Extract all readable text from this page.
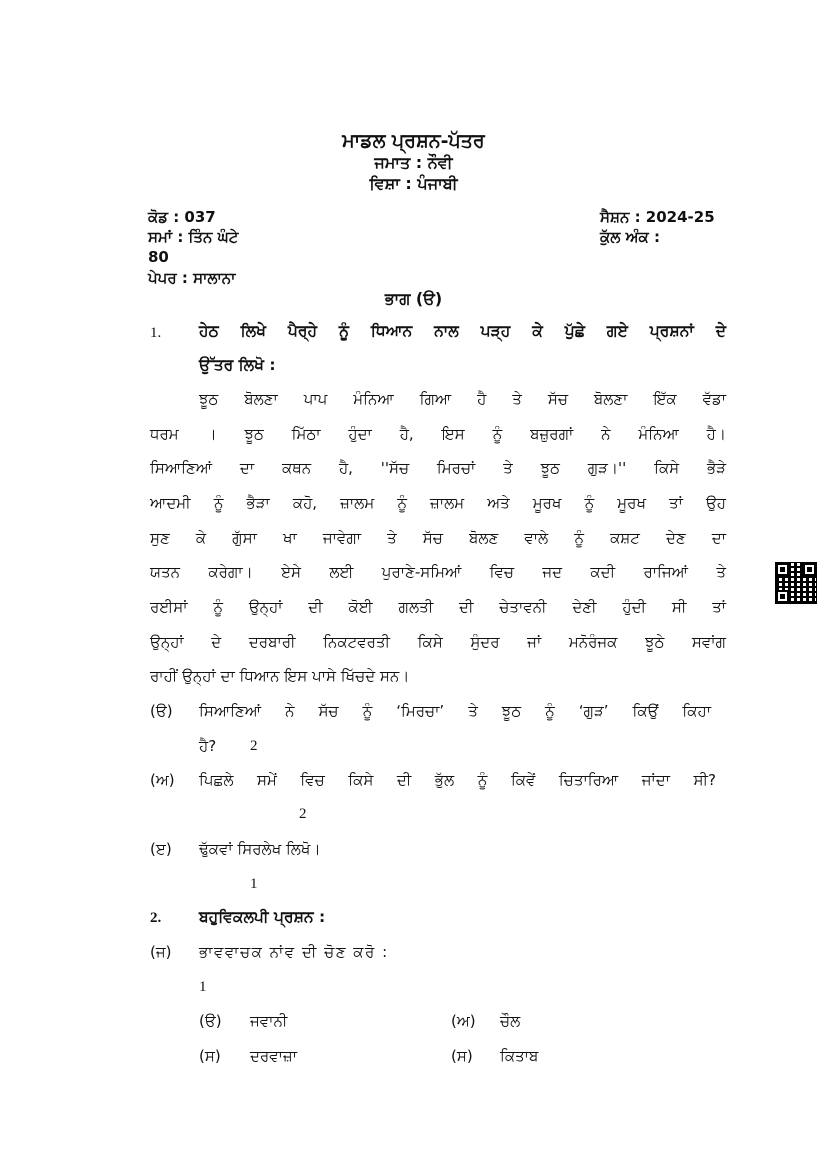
ਮਾਡਲ ਪ੍ਰਸ਼ਨ-ਪੱਤਰ
ਜਮਾਤ : ਨੌਵੀ
ਵਿਸ਼ਾ : ਪੰਜਾਬੀ
ਕੋਡ : 037	ਸੈਸ਼ਨ : 2024-25
ਸਮਾਂ : ਤਿੰਨ ਘੰਟੇ	ਕੁੱਲ ਅੰਕ :
80
ਪੇਪਰ : ਸਾਲਾਨਾ
ਭਾਗ (ੳ)
1. ਹੇਠ ਲਿਖੇ ਪੈਰ੍ਹੇ ਨੂੰ ਧਿਆਨ ਨਾਲ ਪੜ੍ਹ ਕੇ ਪੁੱਛੇ ਗਏ ਪ੍ਰਸ਼ਨਾਂ ਦੇ
ਉੱਤਰ ਲਿਖੋ :
ਝੂਠ ਬੋਲਣਾ ਪਾਪ ਮੰਨਿਆ ਗਿਆ ਹੈ ਤੇ ਸੱਚ ਬੋਲਣਾ ਇੱਕ ਵੱਡਾ
ਧਰਮ । ਝੂਠ ਮਿੱਠਾ ਹੁੰਦਾ ਹੈ, ਇਸ ਨੂੰ ਬਜ਼ੁਰਗਾਂ ਨੇ ਮੰਨਿਆ ਹੈ।
ਸਿਆਣਿਆਂ ਦਾ ਕਥਨ ਹੈ, ''ਸੱਚ ਮਿਰਚਾਂ ਤੇ ਝੂਠ ਗੁੜ।'' ਕਿਸੇ ਭੈੜੇ
ਆਦਮੀ ਨੂੰ ਭੈੜਾ ਕਹੋ, ਜ਼ਾਲਮ ਨੂੰ ਜ਼ਾਲਮ ਅਤੇ ਮੂਰਖ ਨੂੰ ਮੂਰਖ ਤਾਂ ਉਹ
ਸੁਣ ਕੇ ਗੁੱਸਾ ਖਾ ਜਾਵੇਗਾ ਤੇ ਸੱਚ ਬੋਲਣ ਵਾਲੇ ਨੂੰ ਕਸ਼ਟ ਦੇਣ ਦਾ
ਯਤਨ ਕਰੇਗਾ। ਏਸੇ ਲਈ ਪੁਰਾਣੇ-ਸਮਿਆਂ ਵਿਚ ਜਦ ਕਦੀ ਰਾਜਿਆਂ ਤੇ
ਰਈਸਾਂ ਨੂੰ ਉਨ੍ਹਾਂ ਦੀ ਕੋਈ ਗਲਤੀ ਦੀ ਚੇਤਾਵਨੀ ਦੇਣੀ ਹੁੰਦੀ ਸੀ ਤਾਂ
ਉਨ੍ਹਾਂ ਦੇ ਦਰਬਾਰੀ ਨਿਕਟਵਰਤੀ ਕਿਸੇ ਸੁੰਦਰ ਜਾਂ ਮਨੋਰੰਜਕ ਝੂਠੇ ਸਵਾਂਗ
ਰਾਹੀਂ ਉਨ੍ਹਾਂ ਦਾ ਧਿਆਨ ਇਸ ਪਾਸੇ ਖਿੱਚਦੇ ਸਨ।
(ੳ) ਸਿਆਣਿਆਂ ਨੇ ਸੱਚ ਨੂੰ ‘ਮਿਰਚਾ’ ਤੇ ਝੂਠ ਨੂੰ ‘ਗੁੜ’ ਕਿਉਂ ਕਿਹਾ
ਹੈ? 2
(ਅ) ਪਿਛਲੇ ਸਮੇਂ ਵਿਚ ਕਿਸੇ ਦੀ ਭੁੱਲ ਨੂੰ ਕਿਵੇਂ ਚਿਤਾਰਿਆ ਜਾਂਦਾ ਸੀ?
2
(ੲ) ਢੁੱਕਵਾਂ ਸਿਰਲੇਖ ਲਿਖੋ।
1
2. ਬਹੁਵਿਕਲਪੀ ਪ੍ਰਸ਼ਨ :
(ਜ) ਭਾਵਵਾਚਕ ਨਾਂਵ ਦੀ ਚੋਣ ਕਰੋ :
1
(ੳ) ਜਵਾਨੀ	(ਅ) ਚੌਲ
(ਸ) ਦਰਵਾਜ਼ਾ	(ਸ) ਕਿਤਾਬ
